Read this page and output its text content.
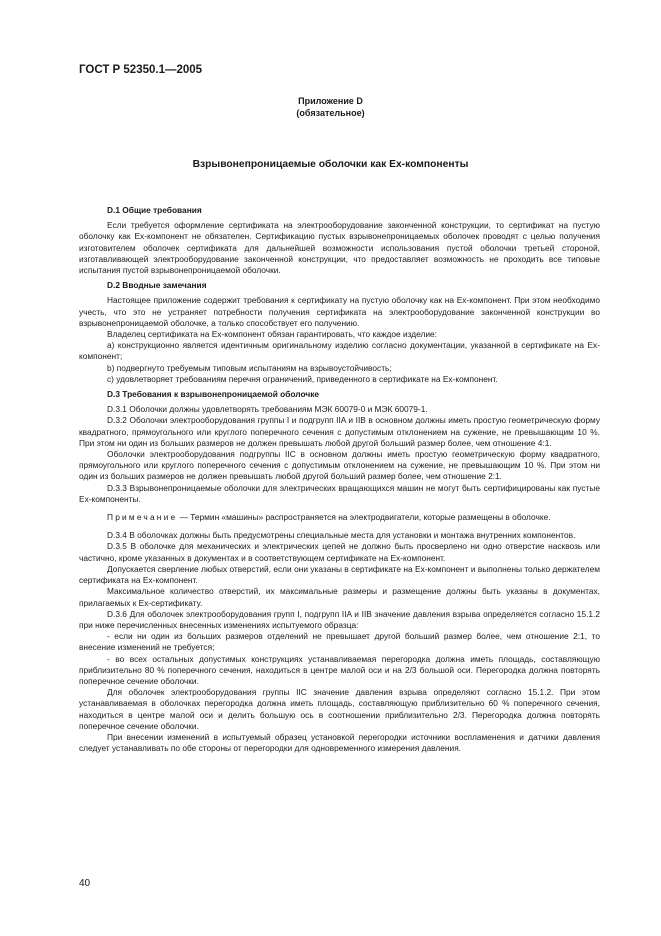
ГОСТ Р 52350.1—2005
Приложение D
(обязательное)
Взрывонепроницаемые оболочки как Ех-компоненты
D.1 Общие требования

Если требуется оформление сертификата на электрооборудование законченной конструкции, то сертификат на пустую оболочку как Ех-компонент не обязателен. Сертификацию пустых взрывонепроницаемых оболочек проводят с целью получения изготовителем оболочек сертификата для дальнейшей возможности использования пустой оболочки третьей стороной, изготавливающей электрооборудование законченной конструкции, что предоставляет возможность не проходить все типовые испытания пустой взрывонепроницаемой оболочки.

D.2 Вводные замечания

Настоящее приложение содержит требования к сертификату на пустую оболочку как на Ех-компонент. При этом необходимо учесть, что это не устраняет потребности получения сертификата на электрооборудование законченной конструкции во взрывонепроницаемой оболочке, а только способствует его получению.

Владелец сертификата на Ех-компонент обязан гарантировать, что каждое изделие:

а) конструкционно является идентичным оригинальному изделию согласно документации, указанной в сертификате на Ех-компонент;

b) подвергнуто требуемым типовым испытаниям на взрывоустойчивость;

c) удовлетворяет требованиям перечня ограничений, приведенного в сертификате на Ех-компонент.

D.3 Требования к взрывонепроницаемой оболочке

D.3.1 Оболочки должны удовлетворять требованиям МЭК 60079-0 и МЭК 60079-1.

D.3.2 Оболочки электрооборудования группы I и подгрупп IIA и IIB в основном должны иметь простую геометрическую форму квадратного, прямоугольного или круглого поперечного сечения с допустимым отклонением на сужение, не превышающим 10 %. При этом ни один из больших размеров не должен превышать любой другой больший размер более, чем отношение 4:1.

Оболочки электрооборудования подгруппы IIC в основном должны иметь простую геометрическую форму квадратного, прямоугольного или круглого поперечного сечения с допустимым отклонением на сужение, не превышающим 10 %. При этом ни один из больших размеров не должен превышать любой другой больший размер более, чем отношение 2:1.

D.3.3 Взрывонепроницаемые оболочки для электрических вращающихся машин не могут быть сертифицированы как пустые Ех-компоненты.

Примечание — Термин «машины» распространяется на электродвигатели, которые размещены в оболочке.

D.3.4 В оболочках должны быть предусмотрены специальные места для установки и монтажа внутренних компонентов.

D.3.5 В оболочке для механических и электрических цепей не должно быть просверлено ни одно отверстие насквозь или частично, кроме указанных в документах и в соответствующем сертификате на Ех-компонент.

Допускается сверление любых отверстий, если они указаны в сертификате на Ех-компонент и выполнены только держателем сертификата на Ех-компонент.

Максимальное количество отверстий, их максимальные размеры и размещение должны быть указаны в документах, прилагаемых к Ех-сертификату.

D.3.6 Для оболочек электрооборудования групп I, подгрупп IIA и IIB значение давления взрыва определяется согласно 15.1.2 при ниже перечисленных внесенных изменениях испытуемого образца:

- если ни один из больших размеров отделений не превышает другой больший размер более, чем отношение 2:1, то внесение изменений не требуется;

- во всех остальных допустимых конструкциях устанавливаемая перегородка должна иметь площадь, составляющую приблизительно 80 % поперечного сечения, находиться в центре малой оси и на 2/3 большой оси. Перегородка должна повторять поперечное сечение оболочки.

Для оболочек электрооборудования группы IIC значение давления взрыва определяют согласно 15.1.2. При этом устанавливаемая в оболочках перегородка должна иметь площадь, составляющую приблизительно 60 % поперечного сечения, находиться в центре малой оси и делить большую ось в соотношении приблизительно 2/3. Перегородка должна повторять поперечное сечение оболочки.

При внесении изменений в испытуемый образец установкой перегородки источники воспламенения и датчики давления следует устанавливать по обе стороны от перегородки для одновременного измерения давления.

40
